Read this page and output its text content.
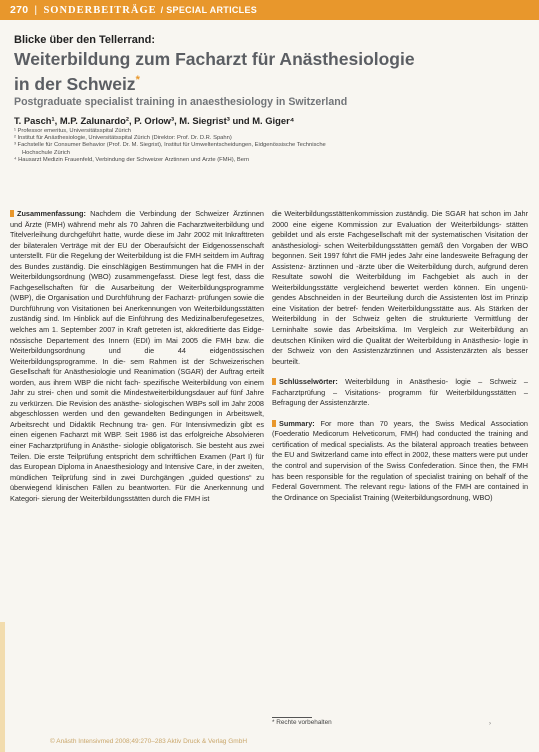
270 | SONDERBEITRÄGE / SPECIAL ARTICLES
Blicke über den Tellerrand:
Weiterbildung zum Facharzt für Anästhesiologie
in der Schweiz*
Postgraduate specialist training in anaesthesiology in Switzerland
T. Pasch¹, M.P. Zalunardo², P. Orlow³, M. Siegrist³ und M. Giger⁴
¹ Professor emeritus, Universitätsspital Zürich
² Institut für Anästhesiologie, Universitätsspital Zürich (Direktor: Prof. Dr. D.R. Spahn)
³ Fachstelle für Consumer Behavior (Prof. Dr. M. Siegrist), Institut für Umweltentscheidungen, Eidgenössische Technische
Hochschule Zürich
⁴ Hausarzt Medizin Frauenfeld, Verbindung der Schweizer Ärztinnen und Ärzte (FMH), Bern

Zusammenfassung: Nachdem die Verbindung der Schweizer Ärztinnen und Ärzte (FMH) während mehr als 70 Jahren die Facharztweiterbildung und Titelverleihung durchgeführt hatte, wurde diese im Jahr 2002 mit Inkrafttreten der bilateralen Verträge mit der EU der Oberaufsicht der Eidgenossenschaft unterstellt. Für die Regelung der Weiterbildung ist die FMH seitdem im Auftrag des Bundes zuständig. Die einschlägigen Bestimmungen hat die FMH in der Weiterbildungsordnung (WBO) zusammengefasst. Diese legt fest, dass die Fachgesellschaften für die Ausarbeitung der Weiterbildungsprogramme (WBP), die Organisation und Durchführung der Facharzt- prüfungen sowie die Durchführung von Visitationen bei Anerkennungen von Weiterbildungsstätten zuständig sind. Im Hinblick auf die Einführung des Medizinalberufegesetzes, welches am 1. September 2007 in Kraft getreten ist, akkreditierte das Eidge- nössische Departement des Innern (EDI) im Mai 2005 die FMH bzw. die Weiterbildungsordnung und die 44 eidgenössischen Weiterbildungsprogramme. In die- sem Rahmen ist der Schweizerischen Gesellschaft für Anästhesiologie und Reanimation (SGAR) der Auftrag erteilt worden, aus ihrem WBP die nicht fach- spezifische Weiterbildung von einem Jahr zu strei- chen und somit die Mindestweiterbildungsdauer auf fünf Jahre zu verkürzen. Die Revision des anästhe- siologischen WBPs soll im Jahr 2008 abgeschlossen werden und den gewandelten Bedingungen in Arbeitswelt, Arbeitsrecht und Didaktik Rechnung tra- gen. Für Intensivmedizin gibt es einen eigenen Facharzt mit WBP. Seit 1986 ist das erfolgreiche Absolvieren einer Facharztprüfung in Anästhe- siologie obligatorisch. Sie besteht aus zwei Teilen. Die erste Teilprüfung entspricht dem schriftlichen Examen (Part I) für das European Diploma in Anaesthesiology and Intensive Care, in der zweiten, mündlichen Teilprüfung sind in zwei Durchgängen „guided questions“ zu überwiegend klinischen Fällen zu beantworten. Für die Anerkennung und Kategori- sierung der Weiterbildungsstätten durch die FMH ist

die Weiterbildungsstättenkommission zuständig. Die SGAR hat schon im Jahr 2000 eine eigene Kommission zur Evaluation der Weiterbildungs- stätten gebildet und als erste Fachgesellschaft mit der systematischen Visitation der anästhesiologi- schen Weiterbildungsstätten gemäß den Vorgaben der WBO begonnen. Seit 1997 führt die FMH jedes Jahr eine landesweite Befragung der Assistenz- ärztinnen und -ärzte über die Weiterbildung durch, aufgrund deren Resultate sowohl die Weiterbildung im Fachgebiet als auch in der Weiterbildungsstätte vergleichend bewertet werden können. Ein ungenü- gendes Abschneiden in der Beurteilung durch die Assistenten löst im Prinzip eine Visitation der betref- fenden Weiterbildungsstätte aus. Als Stärken der Weiterbildung in der Schweiz gelten die strukturierte Vermittlung der Lerninhalte sowie das Arbeitsklima. Im Vergleich zur Weiterbildung an deutschen Kliniken wird die Qualität der Weiterbildung in Anästhesio- logie in der Schweiz von den Assistenzärztinnen und Assistenzärzten als besser beurteilt.

Schlüsselwörter: Weiterbildung in Anästhesio- logie – Schweiz – Facharztprüfung – Visitations- programm für Weiterbildungsstätten – Befragung der Assistenzärzte.

Summary: For more than 70 years, the Swiss Medical Association (Foederatio Medicorum Helveticorum, FMH) had conducted the training and certification of medical specialists. As the bilateral approach treaties between the EU and Switzerland came into effect in 2002, these matters were put under the control and supervision of the Swiss Confederation. Since then, the FMH has been responsible for the regulation of specialist training on behalf of the Federal Government. The relevant regu- lations of the FMH are contained in the Ordinance on Specialist Training (Weiterbildungsordnung, WBO)

* Rechte vorbehalten	›
© Anästh Intensivmed 2008;49:270–283 Aktiv Druck & Verlag GmbH
